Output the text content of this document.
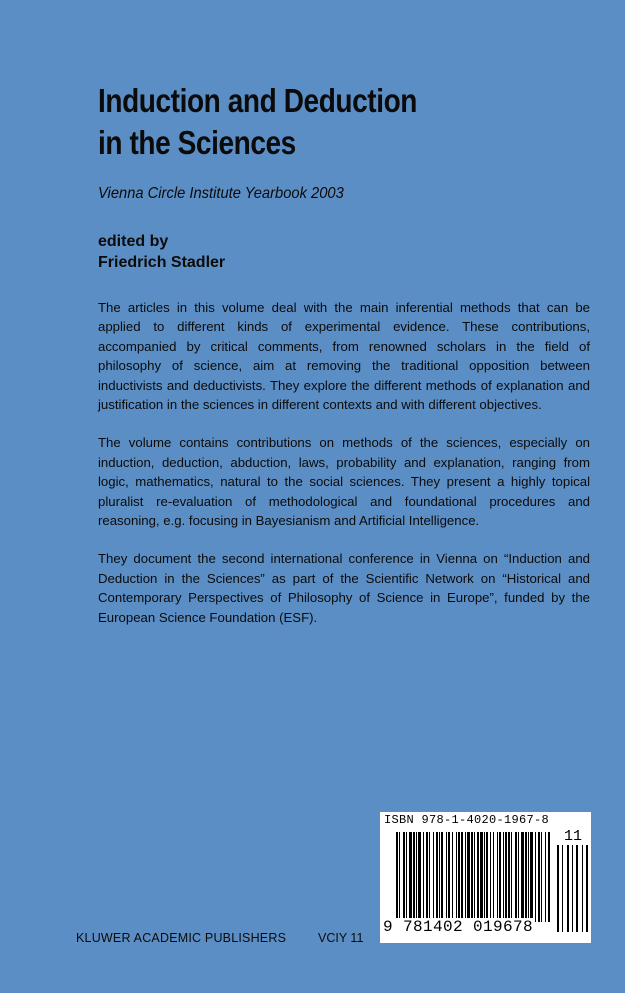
Induction and Deduction
in the Sciences
Vienna Circle Institute Yearbook 2003
edited by
Friedrich Stadler

The articles in this volume deal with the main inferential methods that can be applied to different kinds of experimental evidence. These contributions, accompanied by critical comments, from renowned scholars in the field of philosophy of science, aim at removing the traditional opposition between inductivists and deductivists. They explore the different methods of explanation and justification in the sciences in different contexts and with different objectives.

The volume contains contributions on methods of the sciences, especially on induction, deduction, abduction, laws, probability and explanation, ranging from logic, mathematics, natural to the social sciences. They present a highly topical pluralist re-evaluation of methodological and foundational procedures and reasoning, e.g. focusing in Bayesianism and Artificial Intelligence.

They document the second international conference in Vienna on “Induction and Deduction in the Sciences” as part of the Scientific Network on “Historical and Contemporary Perspectives of Philosophy of Science in Europe”, funded by the European Science Foundation (ESF).

KLUWER ACADEMIC PUBLISHERS	VCIY 11
ISBN 978-1-4020-1967-8
11
9 781402 019678
